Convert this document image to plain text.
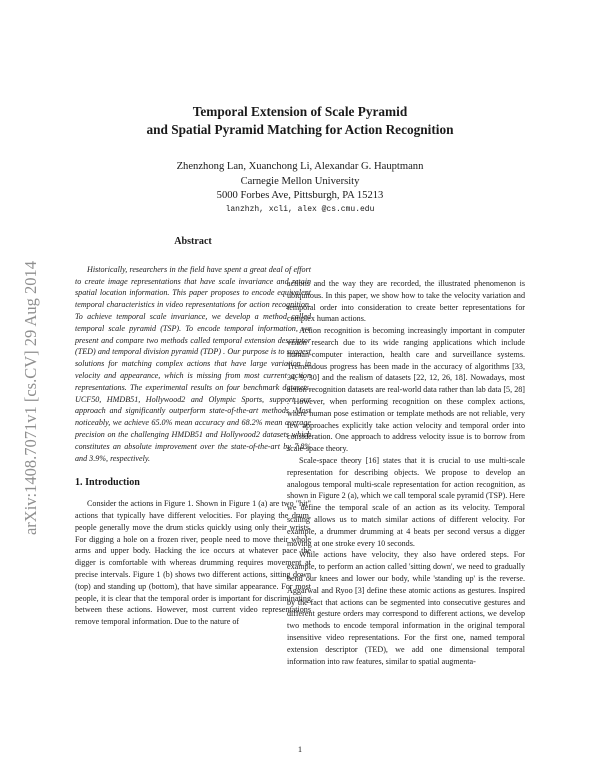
arXiv:1408.7071v1 [cs.CV] 29 Aug 2014
Temporal Extension of Scale Pyramid
and Spatial Pyramid Matching for Action Recognition
Zhenzhong Lan, Xuanchong Li, Alexandar G. Hauptmann
Carnegie Mellon University
5000 Forbes Ave, Pittsburgh, PA 15213
lanzhzh, xcli, alex @cs.cmu.edu
Abstract

Historically, researchers in the field have spent a great deal of effort to create image representations that have scale invariance and retain spatial location information. This paper proposes to encode equivalent temporal characteristics in video representations for action recognition. To achieve temporal scale invariance, we develop a method called temporal scale pyramid (TSP). To encode temporal information, we present and compare two methods called temporal extension descriptor (TED) and temporal division pyramid (TDP) . Our purpose is to suggest solutions for matching complex actions that have large variation in velocity and appearance, which is missing from most current action representations. The experimental results on four benchmark datasets, UCF50, HMDB51, Hollywood2 and Olympic Sports, support our approach and significantly outperform state-of-the-art methods. Most noticeably, we achieve 65.0% mean accuracy and 68.2% mean average precision on the challenging HMDB51 and Hollywood2 datasets which constitutes an absolute improvement over the state-of-the-art by 7.8% and 3.9%, respectively.

1. Introduction

Consider the actions in Figure 1. Shown in Figure 1 (a) are two "hit" actions that typically have different velocities. For playing the drum, people generally move the drum sticks quickly using only their wrists. For digging a hole on a frozen river, people need to move their whole arms and upper body. Hacking the ice occurs at whatever pace the digger is comfortable with whereas drumming requires movement at precise intervals. Figure 1 (b) shows two different actions, sitting down (top) and standing up (bottom), that have similar appearance. For most people, it is clear that the temporal order is important for discriminating between these actions. However, most current video representations remove temporal information. Due to the nature of

actions and the way they are recorded, the illustrated phenomenon is ubiquitous. In this paper, we show how to take the velocity variation and temporal order into consideration to create better representations for complex human actions.

Action recognition is becoming increasingly important in computer vision research due to its wide ranging applications which include human-computer interaction, health care and surveillance systems. Tremendous progress has been made in the accuracy of algorithms [33, 34, 9, 30] and the realism of datasets [22, 12, 26, 18]. Nowadays, most action recognition datasets are real-world data rather than lab data [5, 28] . However, when performing recognition on these complex actions, where human pose estimation or template methods are not reliable, very few approaches explicitly take action velocity and temporal order into consideration. One approach to address velocity issue is to borrow from scale-space theory.

Scale-space theory [16] states that it is crucial to use multi-scale representation for describing objects. We propose to develop an analogous temporal multi-scale representation for action recognition, as shown in Figure 2 (a), which we call temporal scale pyramid (TSP). Here we define the temporal scale of an action as its velocity. Temporal scaling allows us to match similar actions of different velocity. For example, a drummer drumming at 4 beats per second versus a digger moving at one stroke every 10 seconds.

While actions have velocity, they also have ordered steps. For example, to perform an action called 'sitting down', we need to gradually bend our knees and lower our body, while 'standing up' is the reverse. Aggarwal and Ryoo [3] define these atomic actions as gestures. Inspired by the fact that actions can be segmented into consecutive gestures and different gesture orders may correspond to different actions, we develop two methods to encode temporal information in the original temporal insensitive video representations. For the first one, named temporal extension descriptor (TED), we add one dimensional temporal information into raw features, similar to spatial augmenta-

1
